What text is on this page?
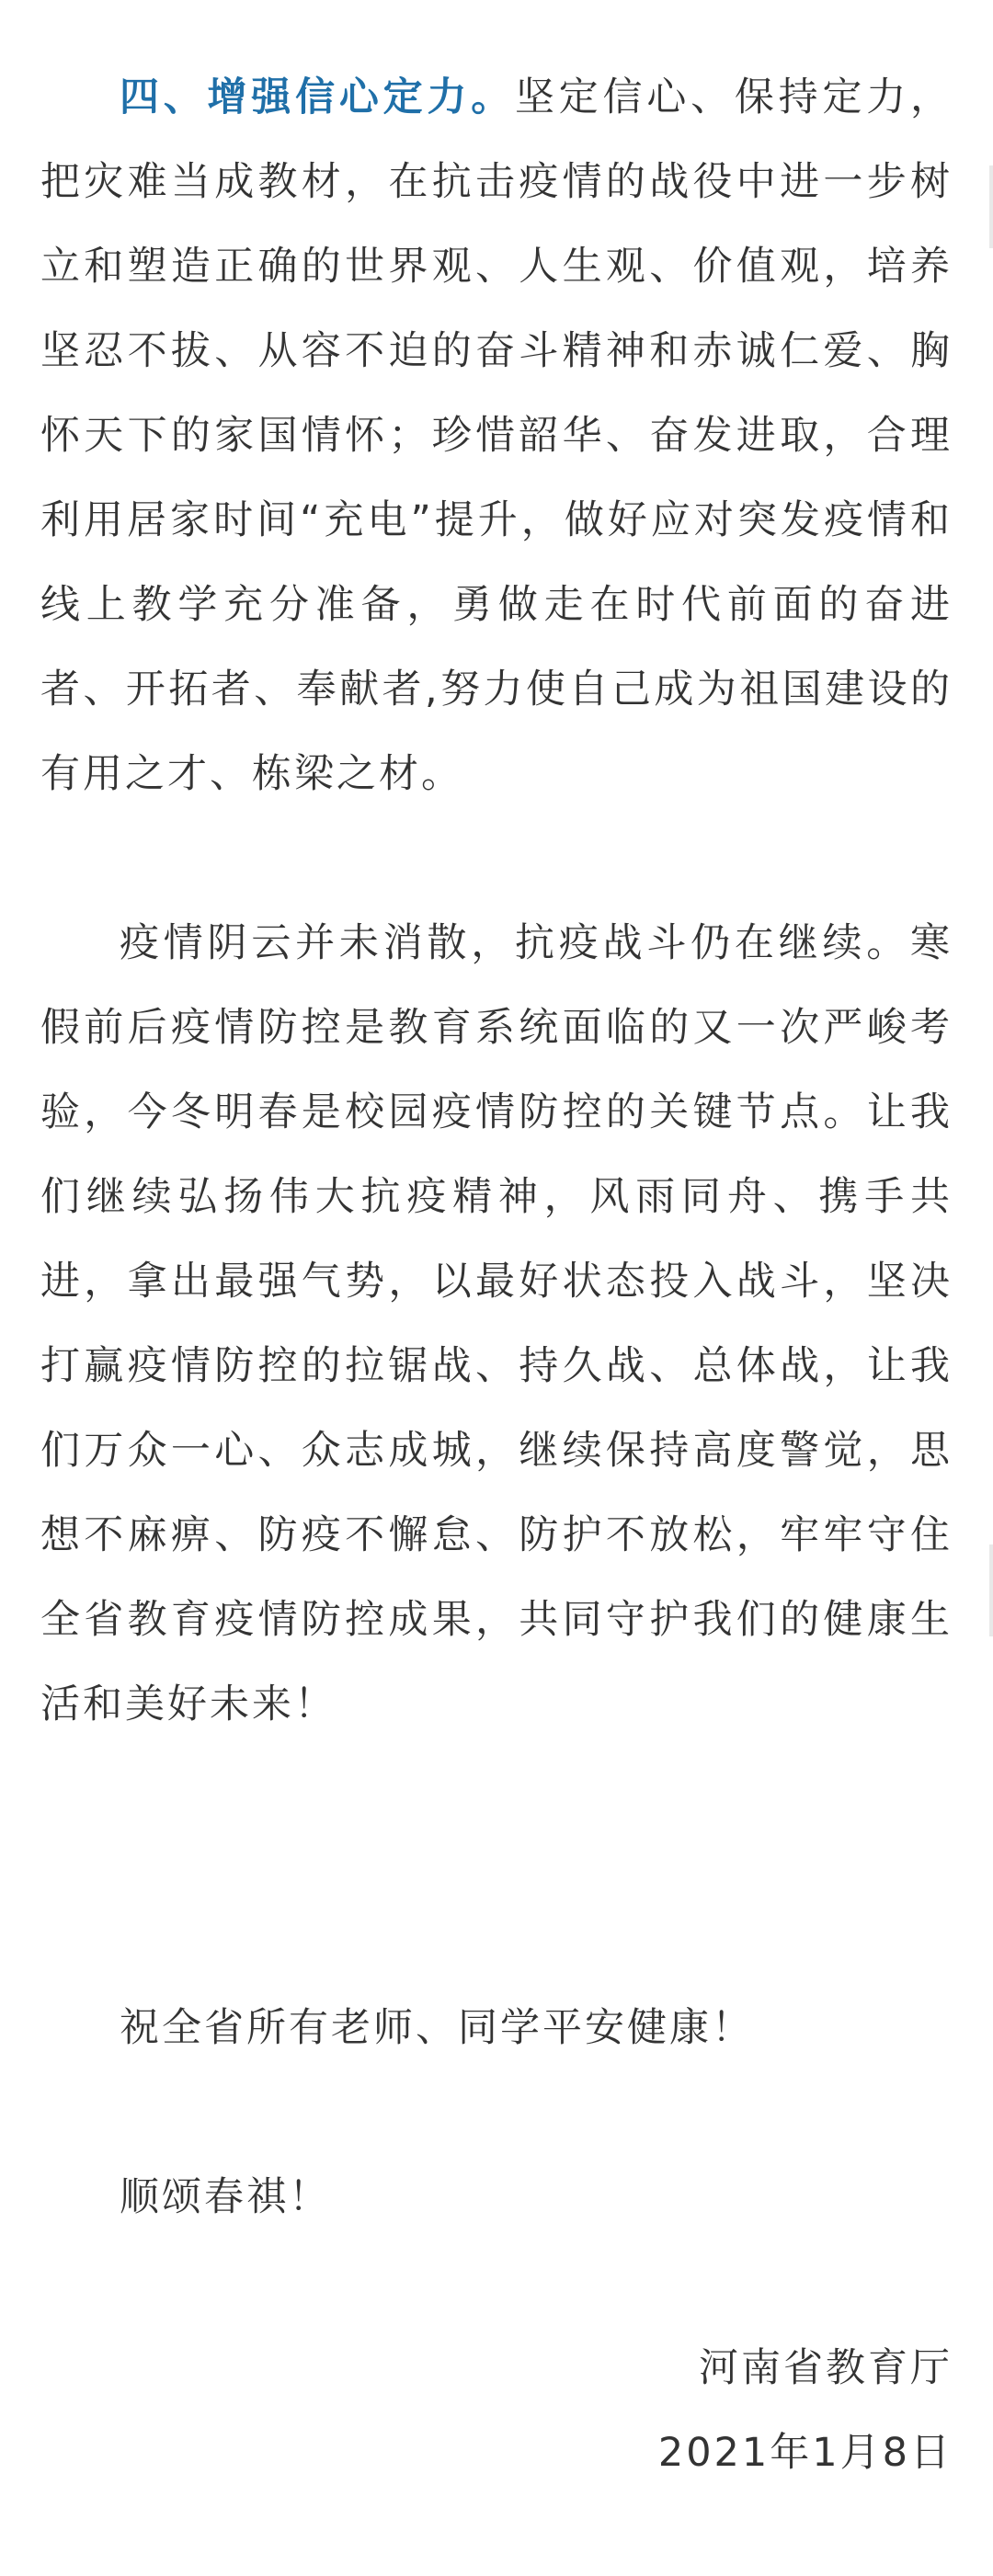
四、增强信心定力。坚定信心、保持定力，把灾难当成教材，在抗击疫情的战役中进一步树立和塑造正确的世界观、人生观、价值观，培养坚忍不拔、从容不迫的奋斗精神和赤诚仁爱、胸怀天下的家国情怀；珍惜韶华、奋发进取，合理利用居家时间“充电”提升，做好应对突发疫情和线上教学充分准备，勇做走在时代前面的奋进者、开拓者、奉献者,努力使自己成为祖国建设的有用之才、栋梁之材。

疫情阴云并未消散，抗疫战斗仍在继续。寒假前后疫情防控是教育系统面临的又一次严峻考验，今冬明春是校园疫情防控的关键节点。让我们继续弘扬伟大抗疫精神，风雨同舟、携手共进，拿出最强气势，以最好状态投入战斗，坚决打赢疫情防控的拉锯战、持久战、总体战，让我们万众一心、众志成城，继续保持高度警觉，思想不麻痹、防疫不懈怠、防护不放松，牢牢守住全省教育疫情防控成果，共同守护我们的健康生活和美好未来！

祝全省所有老师、同学平安健康！

顺颂春祺！

河南省教育厅
2021年1月8日
